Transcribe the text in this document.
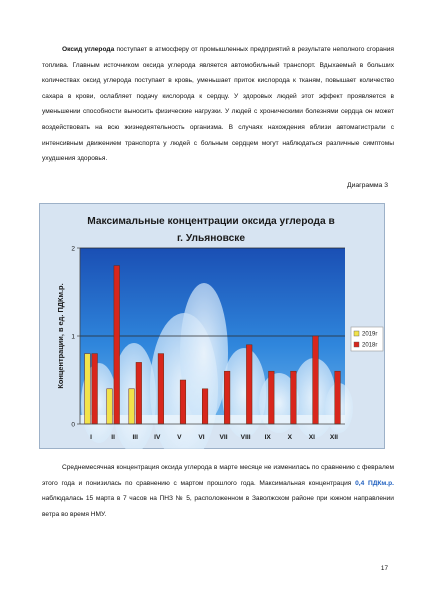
Оксид углерода поступает в атмосферу от промышленных предприятий в результате неполного сгорания топлива. Главным источником оксида углерода является автомобильный транспорт. Вдыхаемый в больших количествах оксид углерода поступает в кровь, уменьшает приток кислорода к тканям, повышает количество сахара в крови, ослабляет подачу кислорода к сердцу. У здоровых людей этот эффект проявляется в уменьшении способности выносить физические нагрузки. У людей с хроническими болезнями сердца он может воздействовать на всю жизнедеятельность организма. В случаях нахождения вблизи автомагистрали с интенсивным движением транспорта у людей с больным сердцем могут наблюдаться различные симптомы ухудшения здоровья.

Диаграмма 3
Максимальные концентрации оксида углерода в
г. Ульяновске
0
1
2
I	II	III IV	V	VI VII VIII IX	X	XI XII
Концентрации, в ед. ПДКм.р.	2019г
2018г

Среднемесячная концентрация оксида углерода в марте месяце не изменилась по сравнению с февралем этого года и понизилась по сравнению с мартом прошлого года. Максимальная концентрация 0,4 ПДКм.р. наблюдалась 15 марта в 7 часов на ПНЗ № 5, расположенном в Заволжском районе при южном направлении ветра во время НМУ.

17
